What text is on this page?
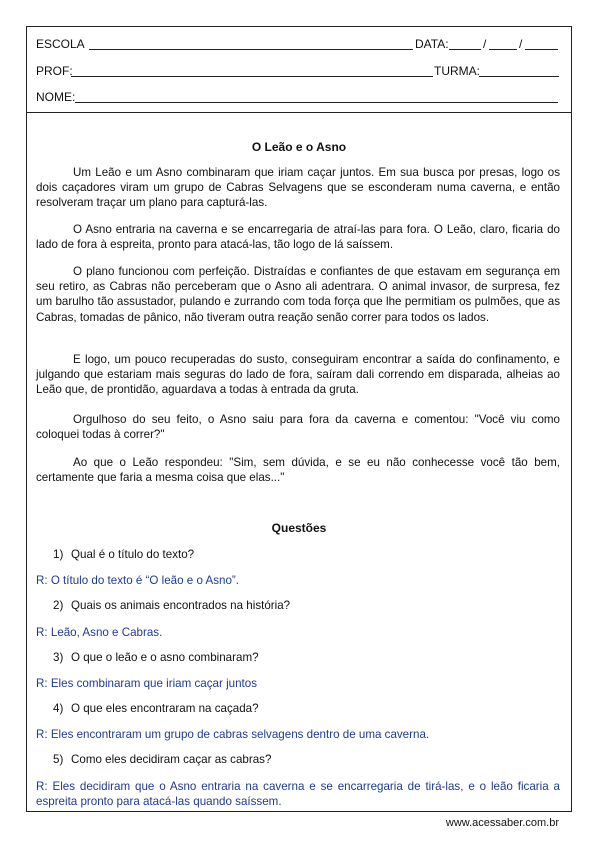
ESCOLA	DATA:	/	/
PROF:	TURMA:
NOME:
O Leão e o Asno

Um Leão e um Asno combinaram que iriam caçar juntos. Em sua busca por presas, logo os dois caçadores viram um grupo de Cabras Selvagens que se esconderam numa caverna, e então resolveram traçar um plano para capturá-las.

O Asno entraria na caverna e se encarregaria de atraí-las para fora. O Leão, claro, ficaria do lado de fora à espreita, pronto para atacá-las, tão logo de lá saíssem.

O plano funcionou com perfeição. Distraídas e confiantes de que estavam em segurança em seu retiro, as Cabras não perceberam que o Asno ali adentrara. O animal invasor, de surpresa, fez um barulho tão assustador, pulando e zurrando com toda força que lhe permitiam os pulmões, que as Cabras, tomadas de pânico, não tiveram outra reação senão correr para todos os lados.

E logo, um pouco recuperadas do susto, conseguiram encontrar a saída do confinamento, e julgando que estariam mais seguras do lado de fora, saíram dali correndo em disparada, alheias ao Leão que, de prontidão, aguardava a todas à entrada da gruta.

Orgulhoso do seu feito, o Asno saiu para fora da caverna e comentou: "Você viu como coloquei todas à correr?"

Ao que o Leão respondeu: "Sim, sem dúvida, e se eu não conhecesse você tão bem, certamente que faria a mesma coisa que elas..."

Questões
1) Qual é o título do texto?
R: O título do texto é “O leão e o Asno”.
2) Quais os animais encontrados na história?
R: Leão, Asno e Cabras.
3) O que o leão e o asno combinaram?
R: Eles combinaram que iriam caçar juntos
4) O que eles encontraram na caçada?
R: Eles encontraram um grupo de cabras selvagens dentro de uma caverna.
5) Como eles decidiram caçar as cabras?
R: Eles decidiram que o Asno entraria na caverna e se encarregaria de tirá-las, e o leão ficaria a espreita pronto para atacá-las quando saíssem.
www.acessaber.com.br
